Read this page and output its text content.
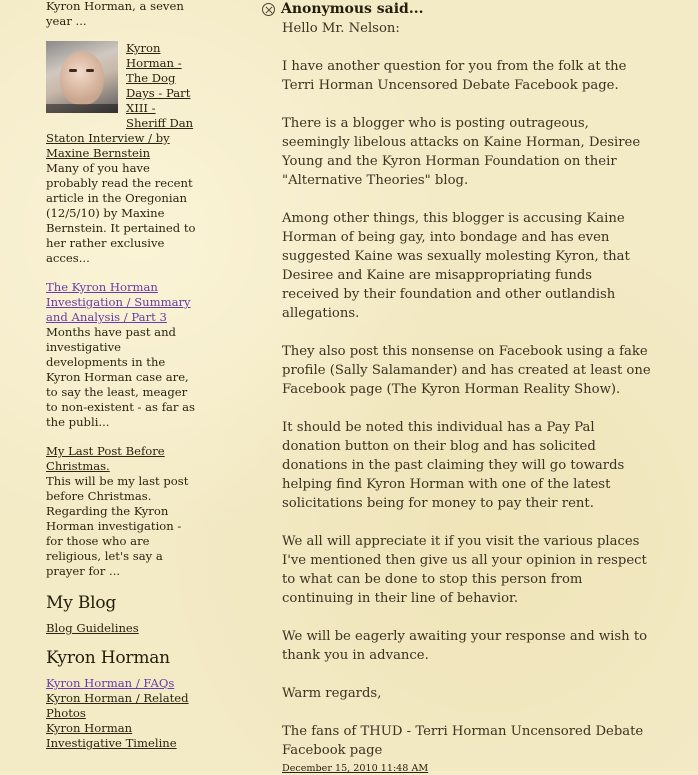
Kyron Horman, a seven year ...

Kyron Horman - The Dog Days - Part XIII - Sheriff Dan Staton Interview / by Maxine Bernstein

Many of you have probably read the recent article in the Oregonian (12/5/10) by Maxine Bernstein. It pertained to her rather exclusive acces...

The Kyron Horman Investigation / Summary and Analysis / Part 3

Months have past and investigative developments in the Kyron Horman case are, to say the least, meager to non-existent - as far as the publi...

My Last Post Before Christmas.

This will be my last post before Christmas. Regarding the Kyron Horman investigation - for those who are religious, let's say a prayer for ...

My Blog
Blog Guidelines
Kyron Horman
Kyron Horman / FAQs
Kyron Horman / Related Photos
Kyron Horman Investigative Timeline
Anonymous said...

Hello Mr. Nelson:

I have another question for you from the folk at the Terri Horman Uncensored Debate Facebook page.

There is a blogger who is posting outrageous, seemingly libelous attacks on Kaine Horman, Desiree Young and the Kyron Horman Foundation on their "Alternative Theories" blog.

Among other things, this blogger is accusing Kaine Horman of being gay, into bondage and has even suggested Kaine was sexually molesting Kyron, that Desiree and Kaine are misappropriating funds received by their foundation and other outlandish allegations.

They also post this nonsense on Facebook using a fake profile (Sally Salamander) and has created at least one Facebook page (The Kyron Horman Reality Show).

It should be noted this individual has a Pay Pal donation button on their blog and has solicited donations in the past claiming they will go towards helping find Kyron Horman with one of the latest solicitations being for money to pay their rent.

We all will appreciate it if you visit the various places I've mentioned then give us all your opinion in respect to what can be done to stop this person from continuing in their line of behavior.

We will be eagerly awaiting your response and wish to thank you in advance.

Warm regards,

The fans of THUD - Terri Horman Uncensored Debate Facebook page

December 15, 2010 11:48 AM
